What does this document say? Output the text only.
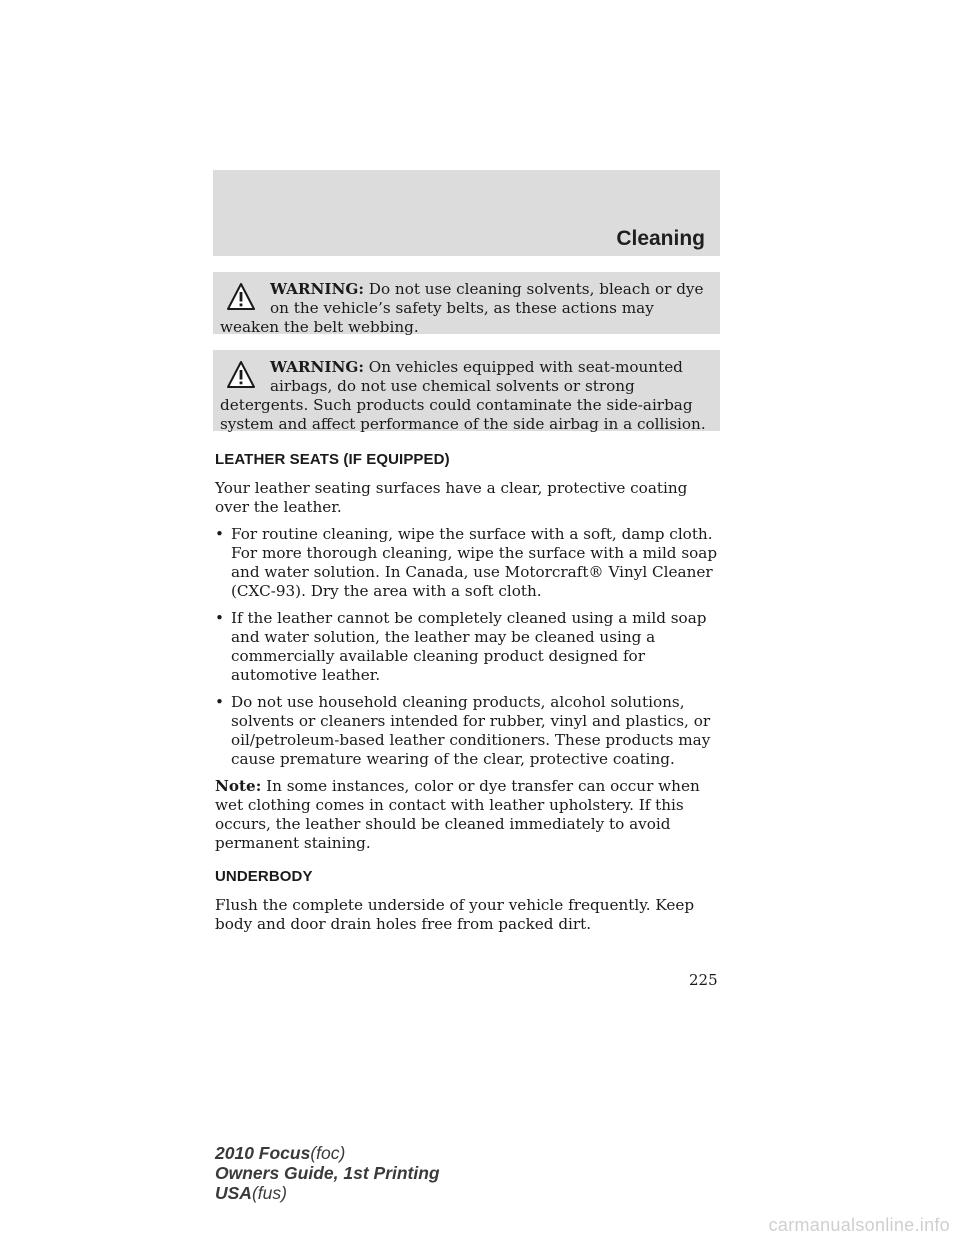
Cleaning
WARNING: Do not use cleaning solvents, bleach or dye on the vehicle’s safety belts, as these actions may weaken the belt webbing.
WARNING: On vehicles equipped with seat-mounted airbags, do not use chemical solvents or strong detergents. Such products could contaminate the side-airbag system and affect performance of the side airbag in a collision.
LEATHER SEATS (IF EQUIPPED)

Your leather seating surfaces have a clear, protective coating over the leather.

• For routine cleaning, wipe the surface with a soft, damp cloth. For more thorough cleaning, wipe the surface with a mild soap and water solution. In Canada, use Motorcraft® Vinyl Cleaner (CXC-93). Dry the area with a soft cloth.
• If the leather cannot be completely cleaned using a mild soap and water solution, the leather may be cleaned using a commercially available cleaning product designed for automotive leather.
• Do not use household cleaning products, alcohol solutions, solvents or cleaners intended for rubber, vinyl and plastics, or oil/petroleum-based leather conditioners. These products may cause premature wearing of the clear, protective coating.

Note: In some instances, color or dye transfer can occur when wet clothing comes in contact with leather upholstery. If this occurs, the leather should be cleaned immediately to avoid permanent staining.

UNDERBODY

Flush the complete underside of your vehicle frequently. Keep body and door drain holes free from packed dirt.

225
2010 Focus(foc)
Owners Guide, 1st Printing
USA(fus)
carmanualsonline.info
